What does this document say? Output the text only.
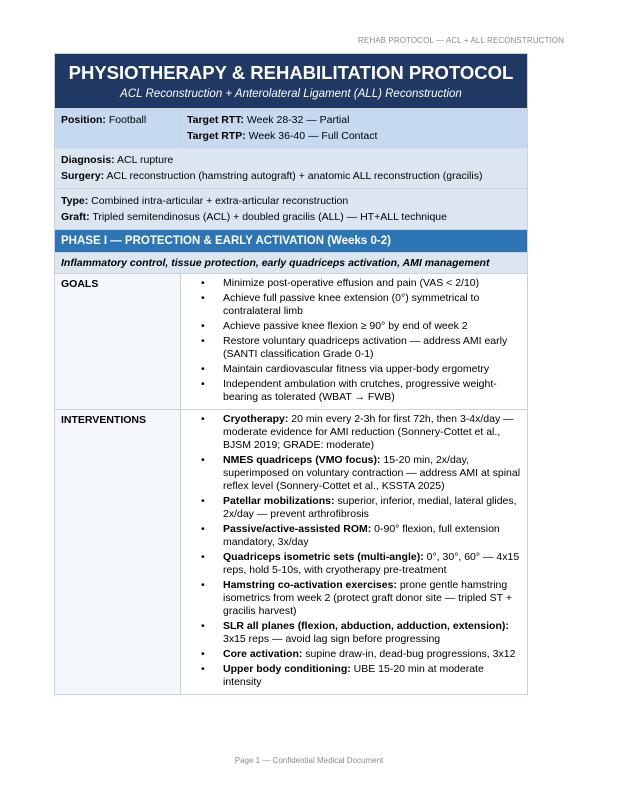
REHAB PROTOCOL — ACL + ALL RECONSTRUCTION
PHYSIOTHERAPY & REHABILITATION PROTOCOL
ACL Reconstruction + Anterolateral Ligament (ALL) Reconstruction
Position: Football	Target RTT: Week 28-32 — Partial
Target RTP: Week 36-40 — Full Contact
Diagnosis: ACL rupture
Surgery: ACL reconstruction (hamstring autograft) + anatomic ALL reconstruction (gracilis)
Type: Combined intra-articular + extra-articular reconstruction
Graft: Tripled semitendinosus (ACL) + doubled gracilis (ALL) — HT+ALL technique
PHASE I — PROTECTION & EARLY ACTIVATION (Weeks 0-2)
Inflammatory control, tissue protection, early quadriceps activation, AMI management
GOALS	• Minimize post-operative effusion and pain (VAS < 2/10)
• Achieve full passive knee extension (0°) symmetrical to contralateral limb
• Achieve passive knee flexion ≥ 90° by end of week 2
• Restore voluntary quadriceps activation — address AMI early (SANTI classification Grade 0-1)
• Maintain cardiovascular fitness via upper-body ergometry
• Independent ambulation with crutches, progressive weight-bearing as tolerated (WBAT → FWB)
INTERVENTIONS	• Cryotherapy: 20 min every 2-3h for first 72h, then 3-4x/day — moderate evidence for AMI reduction (Sonnery-Cottet et al., BJSM 2019; GRADE: moderate)
• NMES quadriceps (VMO focus): 15-20 min, 2x/day, superimposed on voluntary contraction — address AMI at spinal reflex level (Sonnery-Cottet et al., KSSTA 2025)
• Patellar mobilizations: superior, inferior, medial, lateral glides, 2x/day — prevent arthrofibrosis
• Passive/active-assisted ROM: 0-90° flexion, full extension mandatory, 3x/day
• Quadriceps isometric sets (multi-angle): 0°, 30°, 60° — 4x15 reps, hold 5-10s, with cryotherapy pre-treatment
• Hamstring co-activation exercises: prone gentle hamstring isometrics from week 2 (protect graft donor site — tripled ST + gracilis harvest)
• SLR all planes (flexion, abduction, adduction, extension): 3x15 reps — avoid lag sign before progressing
• Core activation: supine draw-in, dead-bug progressions, 3x12
• Upper body conditioning: UBE 15-20 min at moderate intensity
Page 1 — Confidential Medical Document
